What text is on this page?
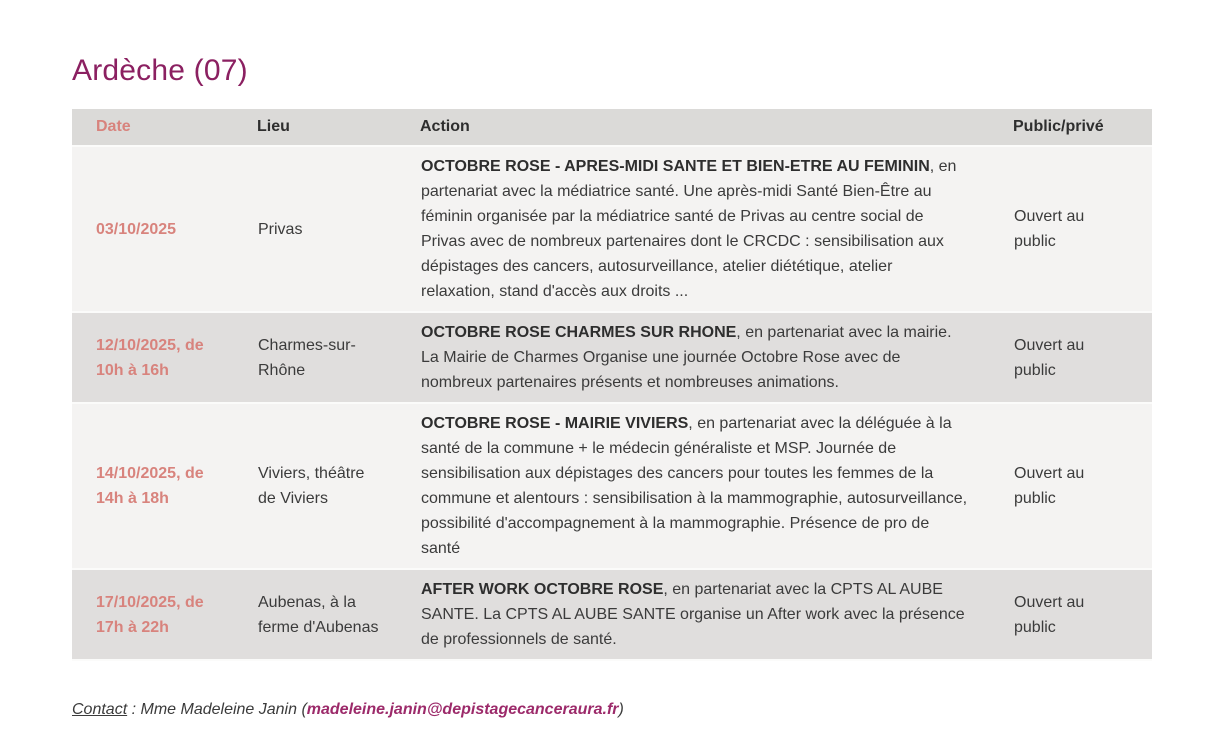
Ardèche (07)
Date	Lieu	Action	Public/privé
03/10/2025	Privas	OCTOBRE ROSE - APRES-MIDI SANTE ET BIEN-ETRE AU FEMININ, en partenariat avec la médiatrice santé. Une après-midi Santé Bien-Être au féminin organisée par la médiatrice santé de Privas au centre social de Privas avec de nombreux partenaires dont le CRCDC : sensibilisation aux dépistages des cancers, autosurveillance, atelier diététique, atelier relaxation, stand d'accès aux droits ...	Ouvert au public
12/10/2025, de 10h à 16h	Charmes-sur-Rhône	OCTOBRE ROSE CHARMES SUR RHONE, en partenariat avec la mairie. La Mairie de Charmes Organise une journée Octobre Rose avec de nombreux partenaires présents et nombreuses animations.	Ouvert au public
14/10/2025, de 14h à 18h	Viviers, théâtre de Viviers	OCTOBRE ROSE - MAIRIE VIVIERS, en partenariat avec la déléguée à la santé de la commune + le médecin généraliste et MSP. Journée de sensibilisation aux dépistages des cancers pour toutes les femmes de la commune et alentours : sensibilisation à la mammographie, autosurveillance, possibilité d'accompagnement à la mammographie. Présence de pro de santé	Ouvert au public
17/10/2025, de 17h à 22h	Aubenas, à la ferme d'Aubenas	AFTER WORK OCTOBRE ROSE, en partenariat avec la CPTS AL AUBE SANTE. La CPTS AL AUBE SANTE organise un After work avec la présence de professionnels de santé.	Ouvert au public

Contact : Mme Madeleine Janin (madeleine.janin@depistagecanceraura.fr)
